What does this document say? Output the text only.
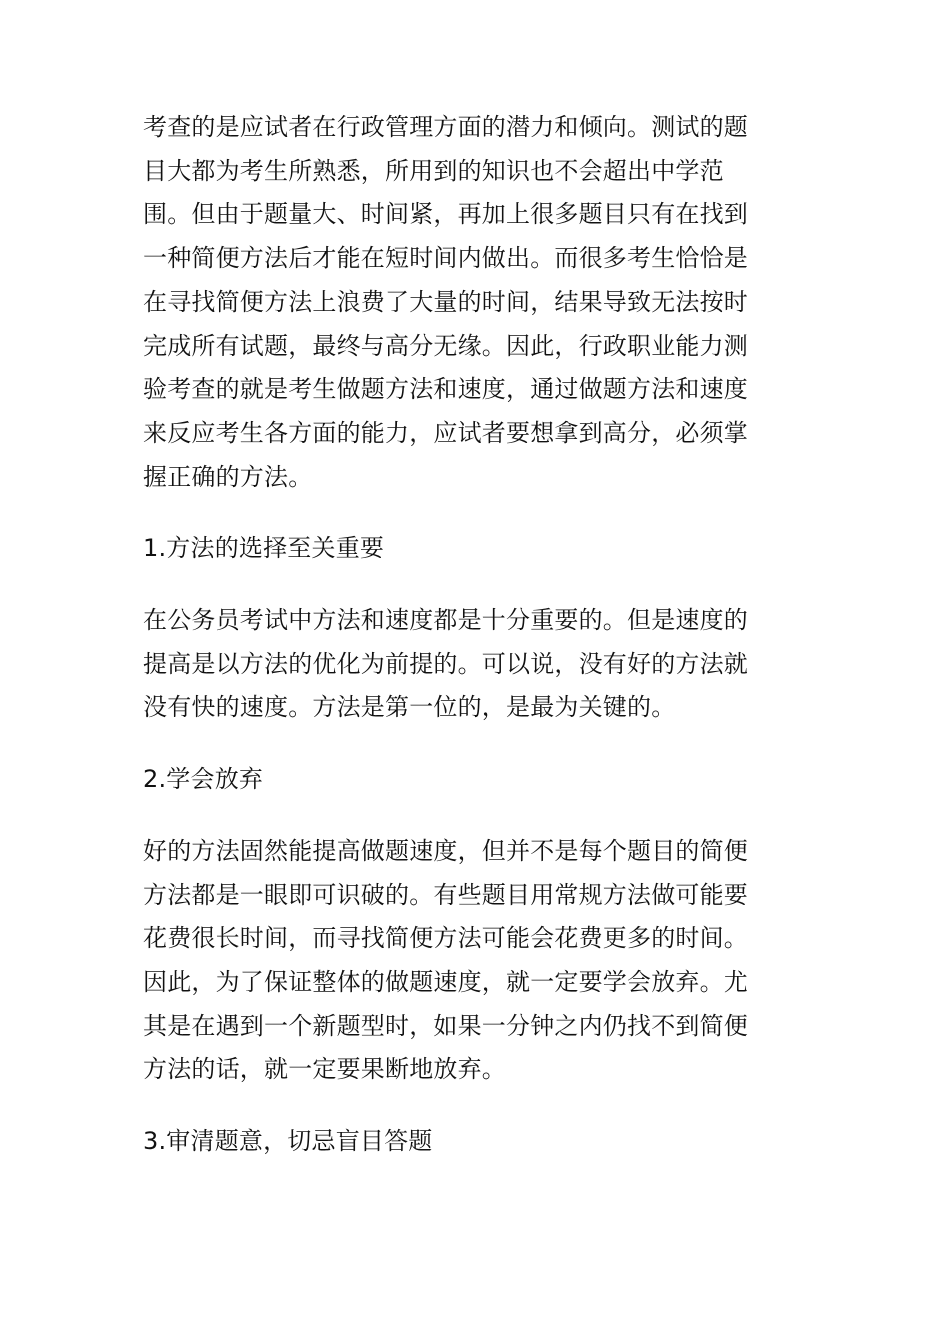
考查的是应试者在行政管理方面的潜力和倾向。测试的题
目大都为考生所熟悉，所用到的知识也不会超出中学范
围。但由于题量大、时间紧，再加上很多题目只有在找到
一种简便方法后才能在短时间内做出。而很多考生恰恰是
在寻找简便方法上浪费了大量的时间，结果导致无法按时
完成所有试题，最终与高分无缘。因此，行政职业能力测
验考查的就是考生做题方法和速度，通过做题方法和速度
来反应考生各方面的能力，应试者要想拿到高分，必须掌
握正确的方法。

1.方法的选择至关重要

在公务员考试中方法和速度都是十分重要的。但是速度的
提高是以方法的优化为前提的。可以说，没有好的方法就
没有快的速度。方法是第一位的，是最为关键的。

2.学会放弃

好的方法固然能提高做题速度，但并不是每个题目的简便
方法都是一眼即可识破的。有些题目用常规方法做可能要
花费很长时间，而寻找简便方法可能会花费更多的时间。
因此，为了保证整体的做题速度，就一定要学会放弃。尤
其是在遇到一个新题型时，如果一分钟之内仍找不到简便
方法的话，就一定要果断地放弃。

3.审清题意，切忌盲目答题
